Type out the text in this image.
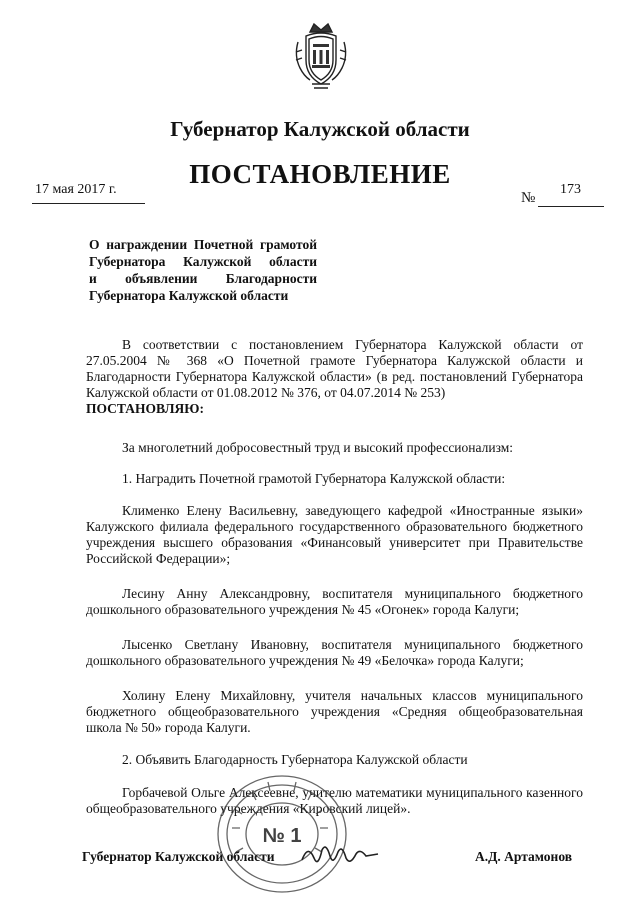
Губернатор Калужской области
ПОСТАНОВЛЕНИЕ
17 мая 2017 г.
№
173
О награждении Почетной грамотой
Губернатора Калужской области
и объявлении Благодарности
Губернатора Калужской области
В соответствии с постановлением Губернатора Калужской области от 27.05.2004 № 368 «О Почетной грамоте Губернатора Калужской области и Благодарности Губернатора Калужской области» (в ред. постановлений Губернатора Калужской области от 01.08.2012 № 376, от 04.07.2014 № 253)
ПОСТАНОВЛЯЮ:
За многолетний добросовестный труд и высокий профессионализм:
1. Наградить Почетной грамотой Губернатора Калужской области:
Клименко Елену Васильевну, заведующего кафедрой «Иностранные языки» Калужского филиала федерального государственного образовательного бюджетного учреждения высшего образования «Финансовый университет при Правительстве Российской Федерации»;
Лесину Анну Александровну, воспитателя муниципального бюджетного дошкольного образовательного учреждения № 45 «Огонек» города Калуги;
Лысенко Светлану Ивановну, воспитателя муниципального бюджетного дошкольного образовательного учреждения № 49 «Белочка» города Калуги;
Холину Елену Михайловну, учителя начальных классов муниципального бюджетного общеобразовательного учреждения «Средняя общеобразовательная школа № 50» города Калуги.
2. Объявить Благодарность Губернатора Калужской области
Горбачевой Ольге Алексеевне, учителю математики муниципального казенного общеобразовательного учреждения «Кировский лицей».
Губернатор Калужской области	А.Д. Артамонов
№ 1
